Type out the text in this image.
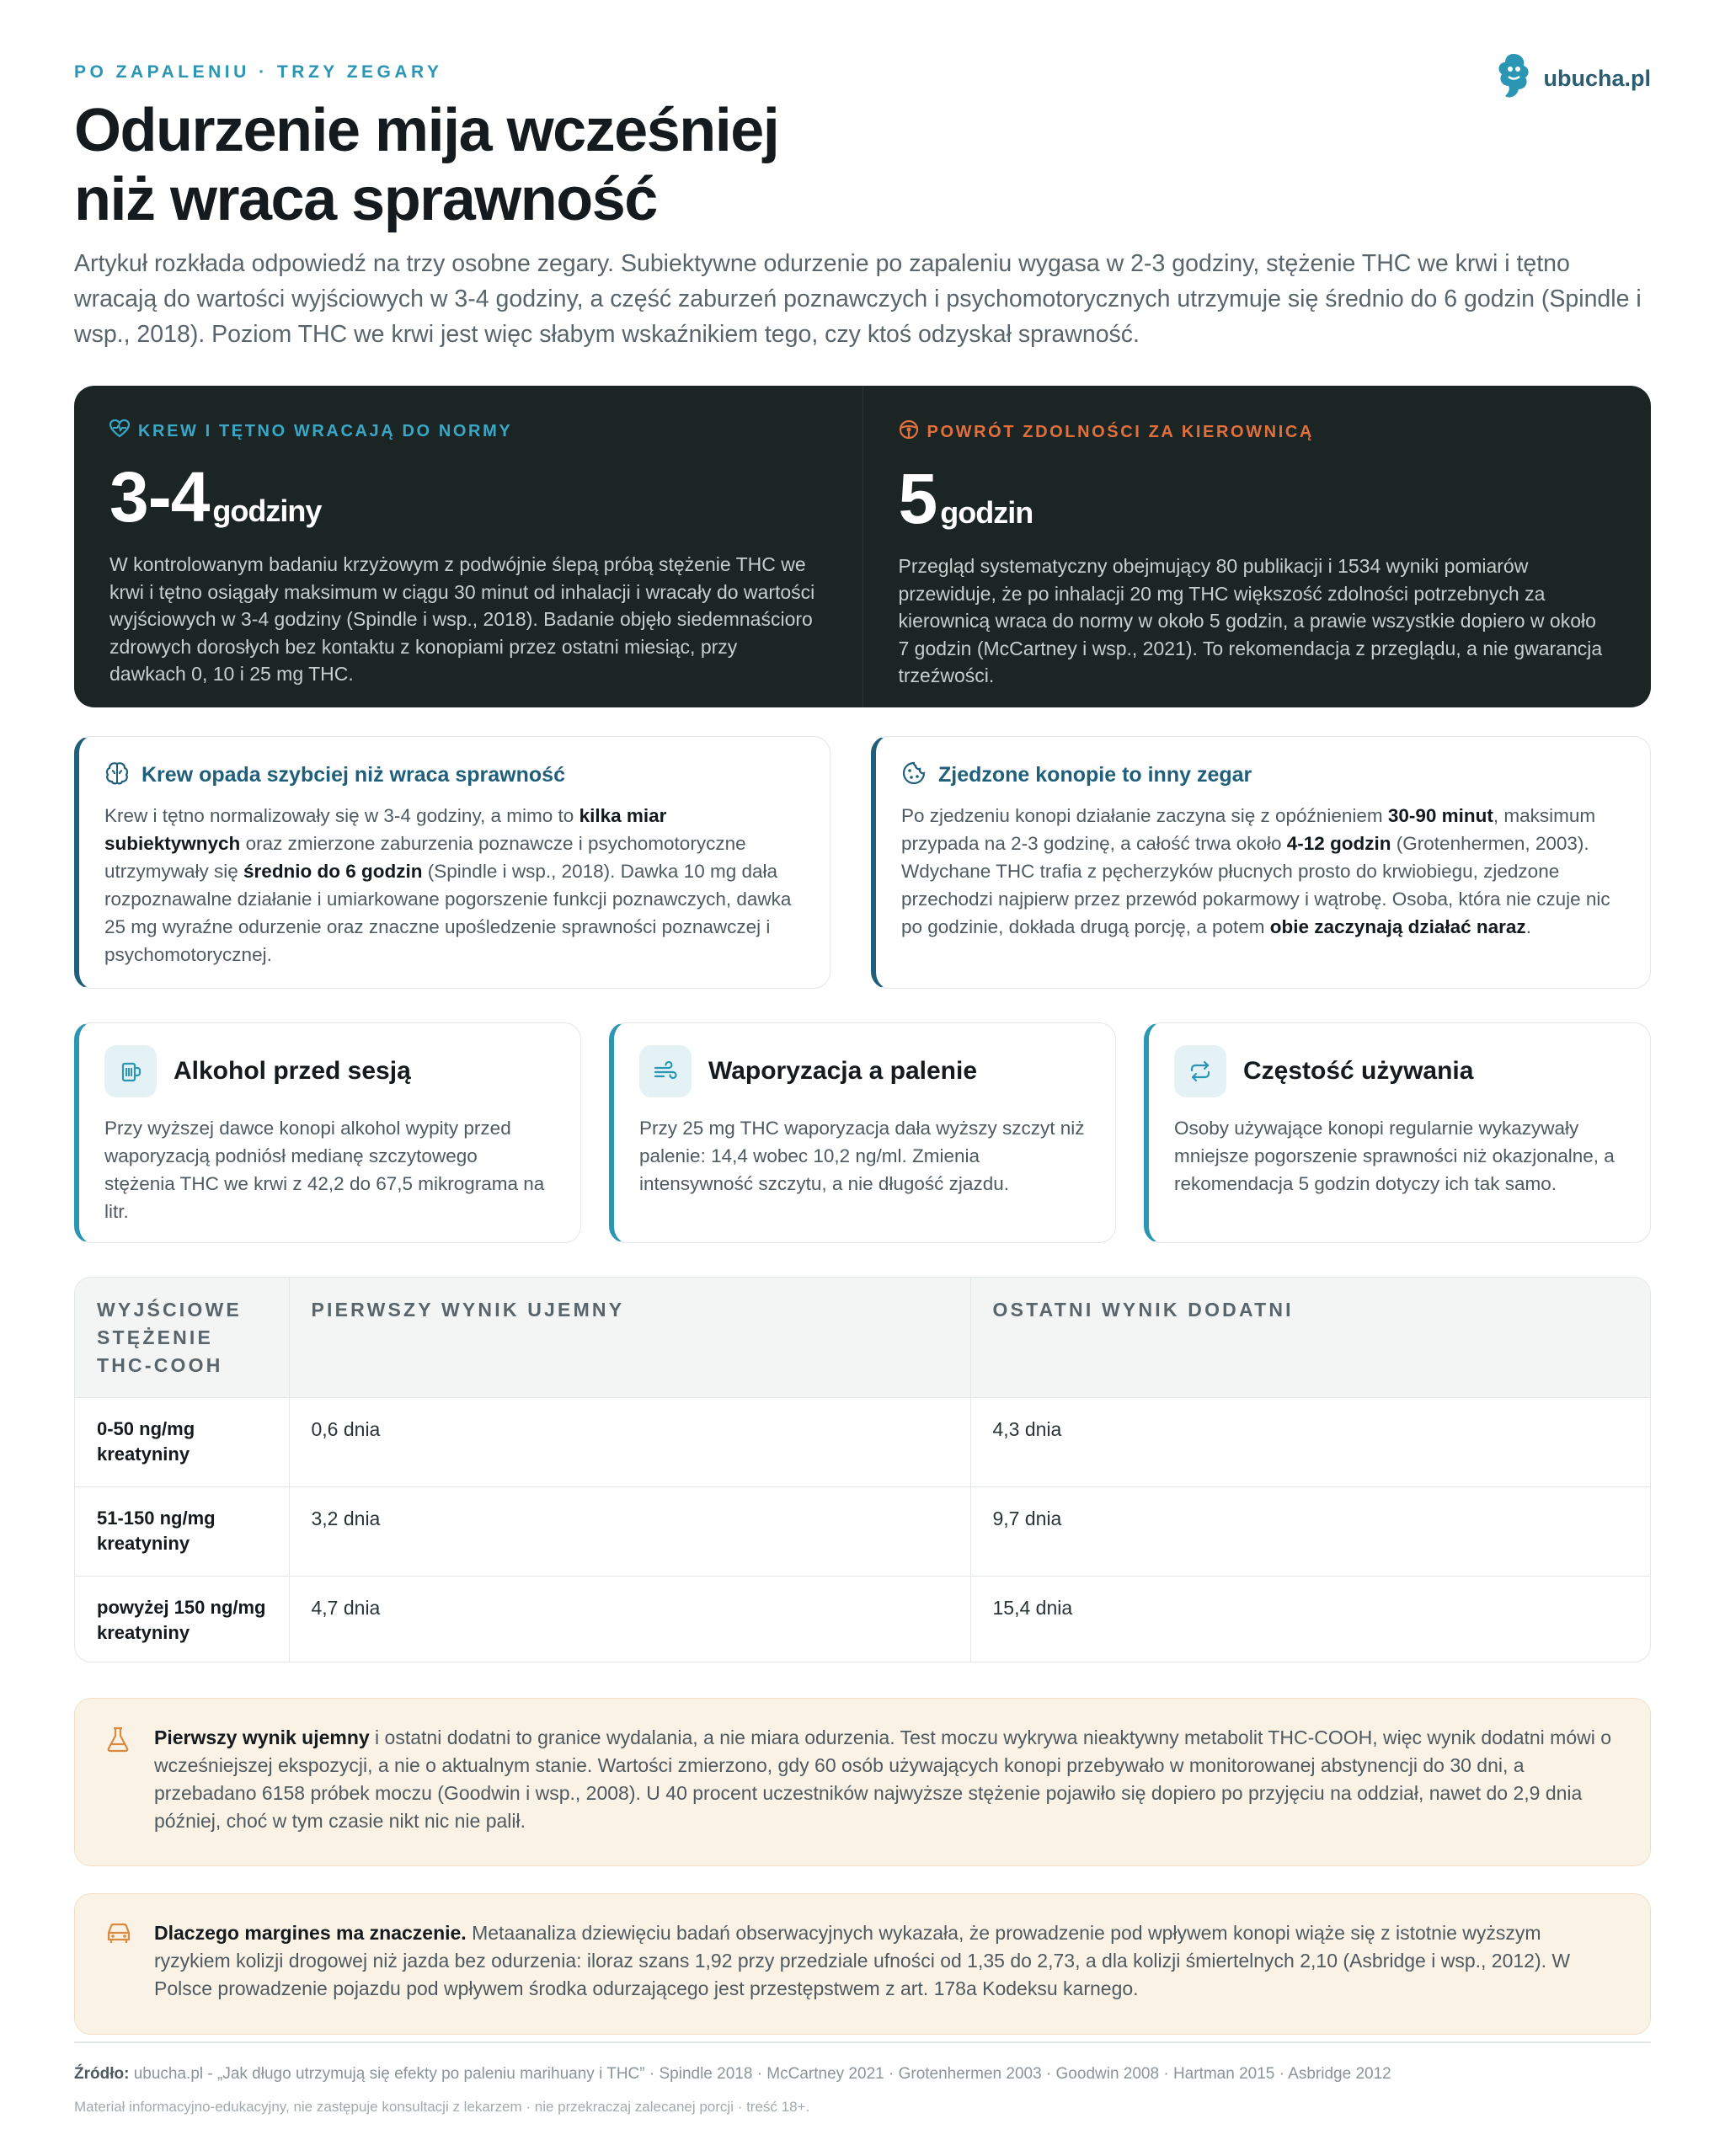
PO ZAPALENIU · TRZY ZEGARY
Odurzenie mija wcześniej
niż wraca sprawność
ubucha.pl

Artykuł rozkłada odpowiedź na trzy osobne zegary. Subiektywne odurzenie po zapaleniu wygasa w 2-3 godziny, stężenie THC we krwi i tętno wracają do wartości wyjściowych w 3-4 godziny, a część zaburzeń poznawczych i psychomotorycznych utrzymuje się średnio do 6 godzin (Spindle i wsp., 2018). Poziom THC we krwi jest więc słabym wskaźnikiem tego, czy ktoś odzyskał sprawność.

KREW I TĘTNO WRACAJĄ DO NORMY
3-4 godziny
W kontrolowanym badaniu krzyżowym z podwójnie ślepą próbą stężenie THC we krwi i tętno osiągały maksimum w ciągu 30 minut od inhalacji i wracały do wartości wyjściowych w 3-4 godziny (Spindle i wsp., 2018). Badanie objęło siedemnaścioro zdrowych dorosłych bez kontaktu z konopiami przez ostatni miesiąc, przy dawkach 0, 10 i 25 mg THC.
POWRÓT ZDOLNOŚCI ZA KIEROWNICĄ
5 godzin
Przegląd systematyczny obejmujący 80 publikacji i 1534 wyniki pomiarów przewiduje, że po inhalacji 20 mg THC większość zdolności potrzebnych za kierownicą wraca do normy w około 5 godzin, a prawie wszystkie dopiero w około 7 godzin (McCartney i wsp., 2021). To rekomendacja z przeglądu, a nie gwarancja trzeźwości.
Krew opada szybciej niż wraca sprawność
Krew i tętno normalizowały się w 3-4 godziny, a mimo to kilka miar subiektywnych oraz zmierzone zaburzenia poznawcze i psychomotoryczne utrzymywały się średnio do 6 godzin (Spindle i wsp., 2018). Dawka 10 mg dała rozpoznawalne działanie i umiarkowane pogorszenie funkcji poznawczych, dawka 25 mg wyraźne odurzenie oraz znaczne upośledzenie sprawności poznawczej i psychomotorycznej.
Zjedzone konopie to inny zegar
Po zjedzeniu konopi działanie zaczyna się z opóźnieniem 30-90 minut, maksimum przypada na 2-3 godzinę, a całość trwa około 4-12 godzin (Grotenhermen, 2003). Wdychane THC trafia z pęcherzyków płucnych prosto do krwiobiegu, zjedzone przechodzi najpierw przez przewód pokarmowy i wątrobę. Osoba, która nie czuje nic po godzinie, dokłada drugą porcję, a potem obie zaczynają działać naraz.
Alkohol przed sesją
Przy wyższej dawce konopi alkohol wypity przed waporyzacją podniósł medianę szczytowego stężenia THC we krwi z 42,2 do 67,5 mikrograma na litr.
Waporyzacja a palenie
Przy 25 mg THC waporyzacja dała wyższy szczyt niż palenie: 14,4 wobec 10,2 ng/ml. Zmienia intensywność szczytu, a nie długość zjazdu.
Częstość używania
Osoby używające konopi regularnie wykazywały mniejsze pogorszenie sprawności niż okazjonalne, a rekomendacja 5 godzin dotyczy ich tak samo.
WYJŚCIOWE STĘŻENIE THC-COOH	PIERWSZY WYNIK UJEMNY	OSTATNI WYNIK DODATNI
0-50 ng/mg kreatyniny	0,6 dnia	4,3 dnia
51-150 ng/mg kreatyniny	3,2 dnia	9,7 dnia
powyżej 150 ng/mg kreatyniny	4,7 dnia	15,4 dnia
Pierwszy wynik ujemny i ostatni dodatni to granice wydalania, a nie miara odurzenia. Test moczu wykrywa nieaktywny metabolit THC-COOH, więc wynik dodatni mówi o wcześniejszej ekspozycji, a nie o aktualnym stanie. Wartości zmierzono, gdy 60 osób używających konopi przebywało w monitorowanej abstynencji do 30 dni, a przebadano 6158 próbek moczu (Goodwin i wsp., 2008). U 40 procent uczestników najwyższe stężenie pojawiło się dopiero po przyjęciu na oddział, nawet do 2,9 dnia później, choć w tym czasie nikt nic nie palił.
Dlaczego margines ma znaczenie. Metaanaliza dziewięciu badań obserwacyjnych wykazała, że prowadzenie pod wpływem konopi wiąże się z istotnie wyższym ryzykiem kolizji drogowej niż jazda bez odurzenia: iloraz szans 1,92 przy przedziale ufności od 1,35 do 2,73, a dla kolizji śmiertelnych 2,10 (Asbridge i wsp., 2012). W Polsce prowadzenie pojazdu pod wpływem środka odurzającego jest przestępstwem z art. 178a Kodeksu karnego.
Źródło: ubucha.pl - „Jak długo utrzymują się efekty po paleniu marihuany i THC” · Spindle 2018 · McCartney 2021 · Grotenhermen 2003 · Goodwin 2008 · Hartman 2015 · Asbridge 2012
Materiał informacyjno-edukacyjny, nie zastępuje konsultacji z lekarzem · nie przekraczaj zalecanej porcji · treść 18+.
